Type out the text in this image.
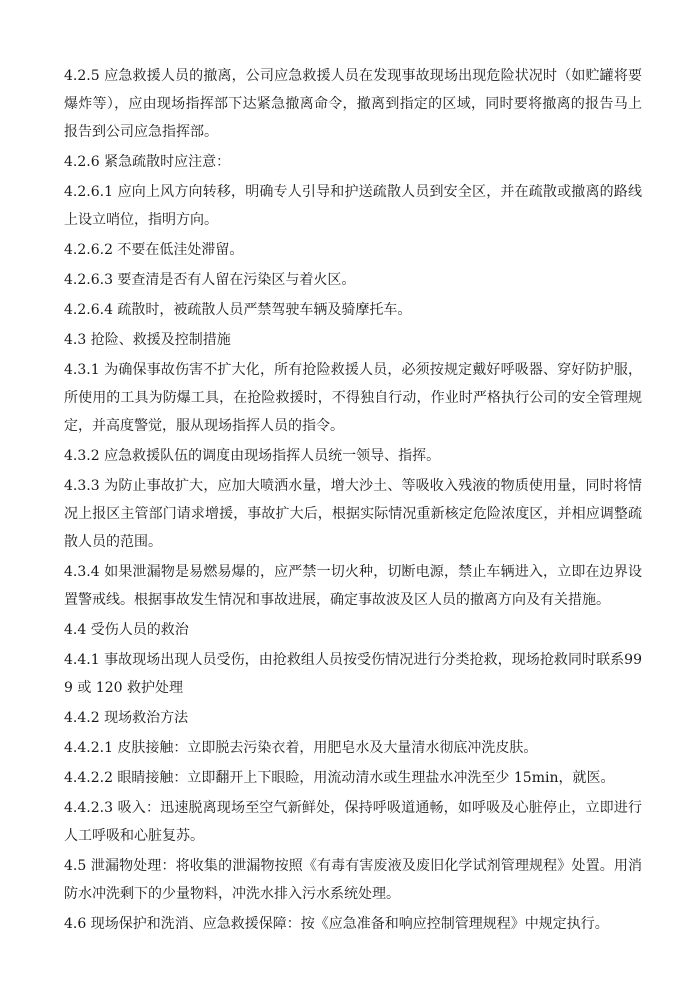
4.2.5 应急救援人员的撤离，公司应急救援人员在发现事故现场出现危险状况时（如贮罐将要爆炸等），应由现场指挥部下达紧急撤离命令，撤离到指定的区域，同时要将撤离的报告马上报告到公司应急指挥部。

4.2.6 紧急疏散时应注意：

4.2.6.1 应向上风方向转移，明确专人引导和护送疏散人员到安全区，并在疏散或撤离的路线上设立哨位，指明方向。

4.2.6.2 不要在低洼处滞留。

4.2.6.3 要查清是否有人留在污染区与着火区。

4.2.6.4 疏散时，被疏散人员严禁驾驶车辆及骑摩托车。

4.3 抢险、救援及控制措施

4.3.1 为确保事故伤害不扩大化，所有抢险救援人员，必须按规定戴好呼吸器、穿好防护服，所使用的工具为防爆工具，在抢险救援时，不得独自行动，作业时严格执行公司的安全管理规定，并高度警觉，服从现场指挥人员的指令。

4.3.2 应急救援队伍的调度由现场指挥人员统一领导、指挥。

4.3.3 为防止事故扩大，应加大喷洒水量，增大沙土、等吸收入残液的物质使用量，同时将情况上报区主管部门请求增援，事故扩大后，根据实际情况重新核定危险浓度区，并相应调整疏散人员的范围。

4.3.4 如果泄漏物是易燃易爆的，应严禁一切火种，切断电源，禁止车辆进入，立即在边界设置警戒线。根据事故发生情况和事故进展，确定事故波及区人员的撤离方向及有关措施。

4.4 受伤人员的救治

4.4.1 事故现场出现人员受伤，由抢救组人员按受伤情况进行分类抢救，现场抢救同时联系999 或 120 救护处理

4.4.2 现场救治方法

4.4.2.1 皮肤接触：立即脱去污染衣着，用肥皂水及大量清水彻底冲洗皮肤。

4.4.2.2 眼睛接触：立即翻开上下眼睑，用流动清水或生理盐水冲洗至少 15min，就医。

4.4.2.3 吸入：迅速脱离现场至空气新鲜处，保持呼吸道通畅，如呼吸及心脏停止，立即进行人工呼吸和心脏复苏。

4.5 泄漏物处理：将收集的泄漏物按照《有毒有害废液及废旧化学试剂管理规程》处置。用消防水冲洗剩下的少量物料，冲洗水排入污水系统处理。

4.6 现场保护和洗消、应急救援保障：按《应急准备和响应控制管理规程》中规定执行。
